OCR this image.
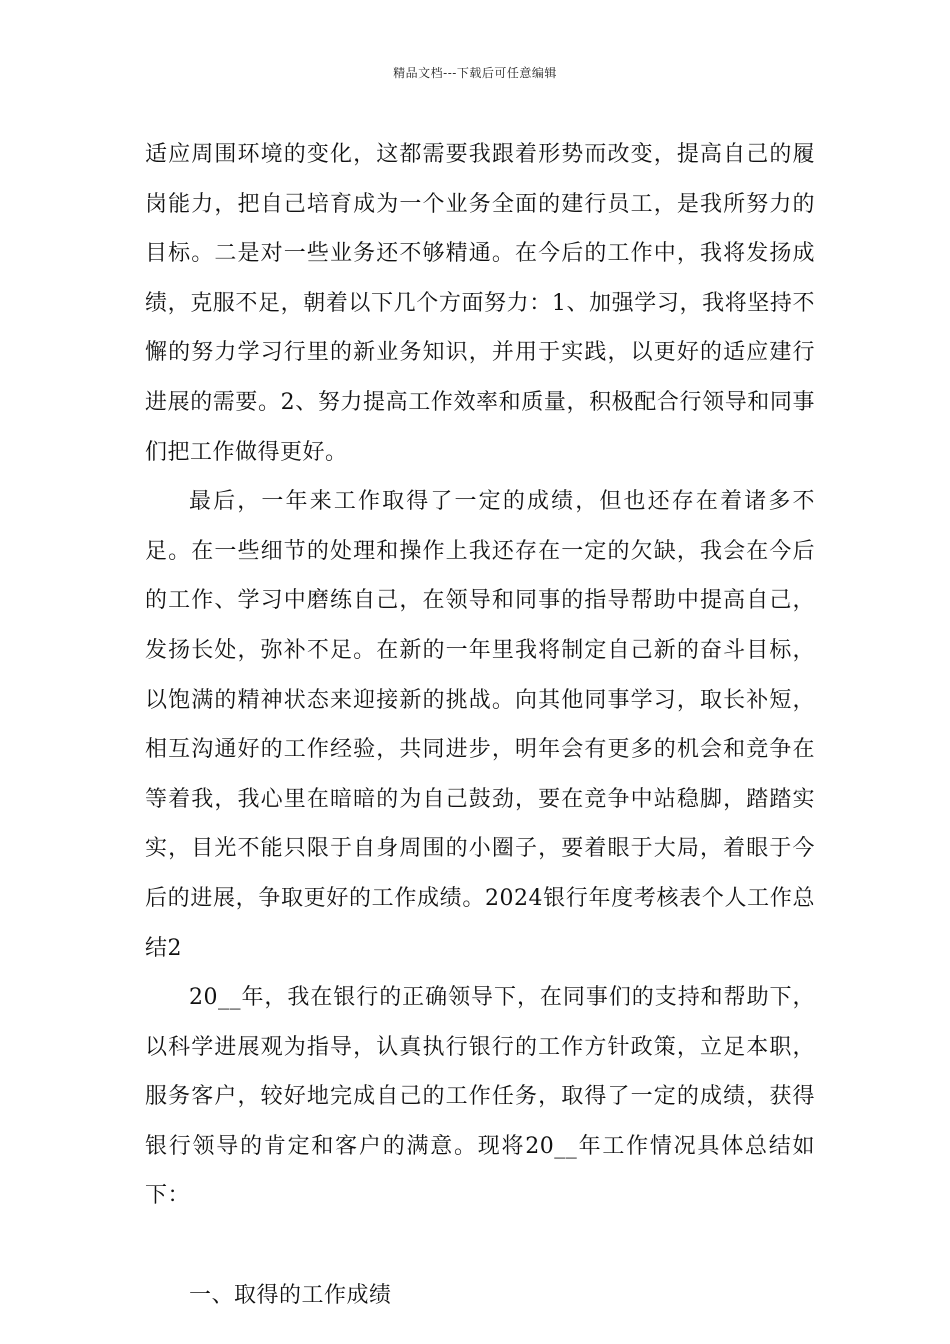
精品文档---下载后可任意编辑

适应周围环境的变化，这都需要我跟着形势而改变，提高自己的履岗能力，把自己培育成为一个业务全面的建行员工，是我所努力的目标。二是对一些业务还不够精通。在今后的工作中，我将发扬成绩，克服不足，朝着以下几个方面努力：1、加强学习，我将坚持不懈的努力学习行里的新业务知识，并用于实践，以更好的适应建行进展的需要。2、努力提高工作效率和质量，积极配合行领导和同事们把工作做得更好。

最后，一年来工作取得了一定的成绩，但也还存在着诸多不足。在一些细节的处理和操作上我还存在一定的欠缺，我会在今后的工作、学习中磨练自己，在领导和同事的指导帮助中提高自己，发扬长处，弥补不足。在新的一年里我将制定自己新的奋斗目标，以饱满的精神状态来迎接新的挑战。向其他同事学习，取长补短，相互沟通好的工作经验，共同进步，明年会有更多的机会和竞争在等着我，我心里在暗暗的为自己鼓劲，要在竞争中站稳脚，踏踏实实，目光不能只限于自身周围的小圈子，要着眼于大局，着眼于今后的进展，争取更好的工作成绩。2024银行年度考核表个人工作总结2

20__年，我在银行的正确领导下，在同事们的支持和帮助下，以科学进展观为指导，认真执行银行的工作方针政策，立足本职，服务客户，较好地完成自己的工作任务，取得了一定的成绩，获得银行领导的肯定和客户的满意。现将20__年工作情况具体总结如下：

一、取得的工作成绩
